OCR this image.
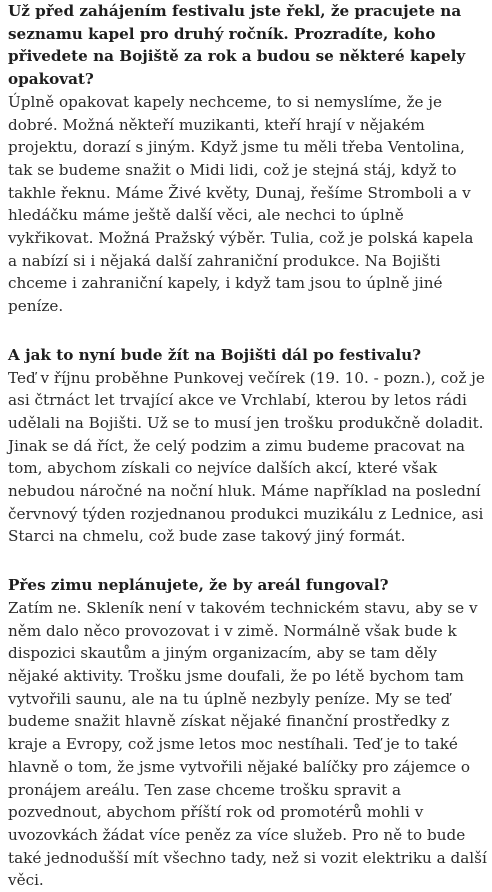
Už před zahájením festivalu jste řekl, že pracujete na seznamu kapel pro druhý ročník. Prozradíte, koho přivedete na Bojiště za rok a budou se některé kapely opakovat?

Úplně opakovat kapely nechceme, to si nemyslíme, že je dobré. Možná někteří muzikanti, kteří hrají v nějakém projektu, dorazí s jiným. Když jsme tu měli třeba Ventolina, tak se budeme snažit o Midi lidi, což je stejná stáj, když to takhle řeknu. Máme Živé květy, Dunaj, řešíme Stromboli a v hledáčku máme ještě další věci, ale nechci to úplně vykřikovat. Možná Pražský výběr. Tulia, což je polská kapela a nabízí si i nějaká další zahraniční produkce. Na Bojišti chceme i zahraniční kapely, i když tam jsou to úplně jiné peníze.

A jak to nyní bude žít na Bojišti dál po festivalu?

Teď v říjnu proběhne Punkovej večírek (19. 10. - pozn.), což je asi čtrnáct let trvající akce ve Vrchlabí, kterou by letos rádi udělali na Bojišti. Už se to musí jen trošku produkčně doladit. Jinak se dá říct, že celý podzim a zimu budeme pracovat na tom, abychom získali co nejvíce dalších akcí, které však nebudou náročné na noční hluk. Máme například na poslední červnový týden rozjednanou produkci muzikálu z Lednice, asi Starci na chmelu, což bude zase takový jiný formát.

Přes zimu neplánujete, že by areál fungoval?

Zatím ne. Skleník není v takovém technickém stavu, aby se v něm dalo něco provozovat i v zimě. Normálně však bude k dispozici skautům a jiným organizacím, aby se tam děly nějaké aktivity. Trošku jsme doufali, že po létě bychom tam vytvořili saunu, ale na tu úplně nezbyly peníze. My se teď budeme snažit hlavně získat nějaké finanční prostředky z kraje a Evropy, což jsme letos moc nestíhali. Teď je to také hlavně o tom, že jsme vytvořili nějaké balíčky pro zájemce o pronájem areálu. Ten zase chceme trošku spravit a pozvednout, abychom příští rok od promotérů mohli v uvozovkách žádat více peněz za více služeb. Pro ně to bude také jednodušší mít všechno tady, než si vozit elektriku a další věci.
